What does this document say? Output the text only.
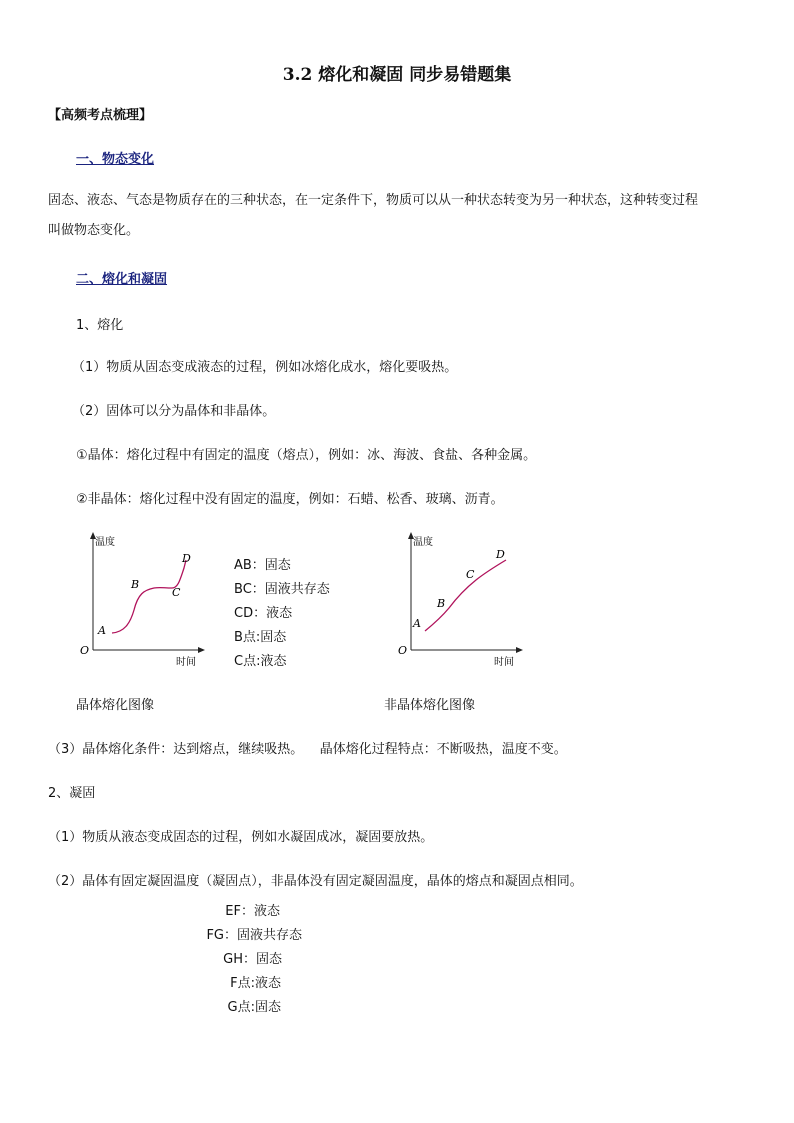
3.2 熔化和凝固 同步易错题集
【高频考点梳理】
一、物态变化
固态、液态、气态是物质存在的三种状态，在一定条件下，物质可以从一种状态转变为另一种状态，这种转变过程
叫做物态变化。
二、熔化和凝固
1、熔化
（1）物质从固态变成液态的过程，例如冰熔化成水，熔化要吸热。
（2）固体可以分为晶体和非晶体。
①晶体：熔化过程中有固定的温度（熔点），例如：冰、海波、食盐、各种金属。
②非晶体：熔化过程中没有固定的温度，例如：石蜡、松香、玻璃、沥青。
温度
时间
O
A
B
C
D	AB：固态
BC：固液共存态
CD：液态
B点:固态
C点:液态
温度
时间
O
A
B
C
D
晶体熔化图像	非晶体熔化图像
（3）晶体熔化条件：达到熔点，继续吸热。    晶体熔化过程特点：不断吸热，温度不变。
2、凝固
（1）物质从液态变成固态的过程，例如水凝固成冰，凝固要放热。
（2）晶体有固定凝固温度（凝固点），非晶体没有固定凝固温度，晶体的熔点和凝固点相同。
EF：液态
FG：固液共存态
GH：固态
F点:液态
G点:固态
